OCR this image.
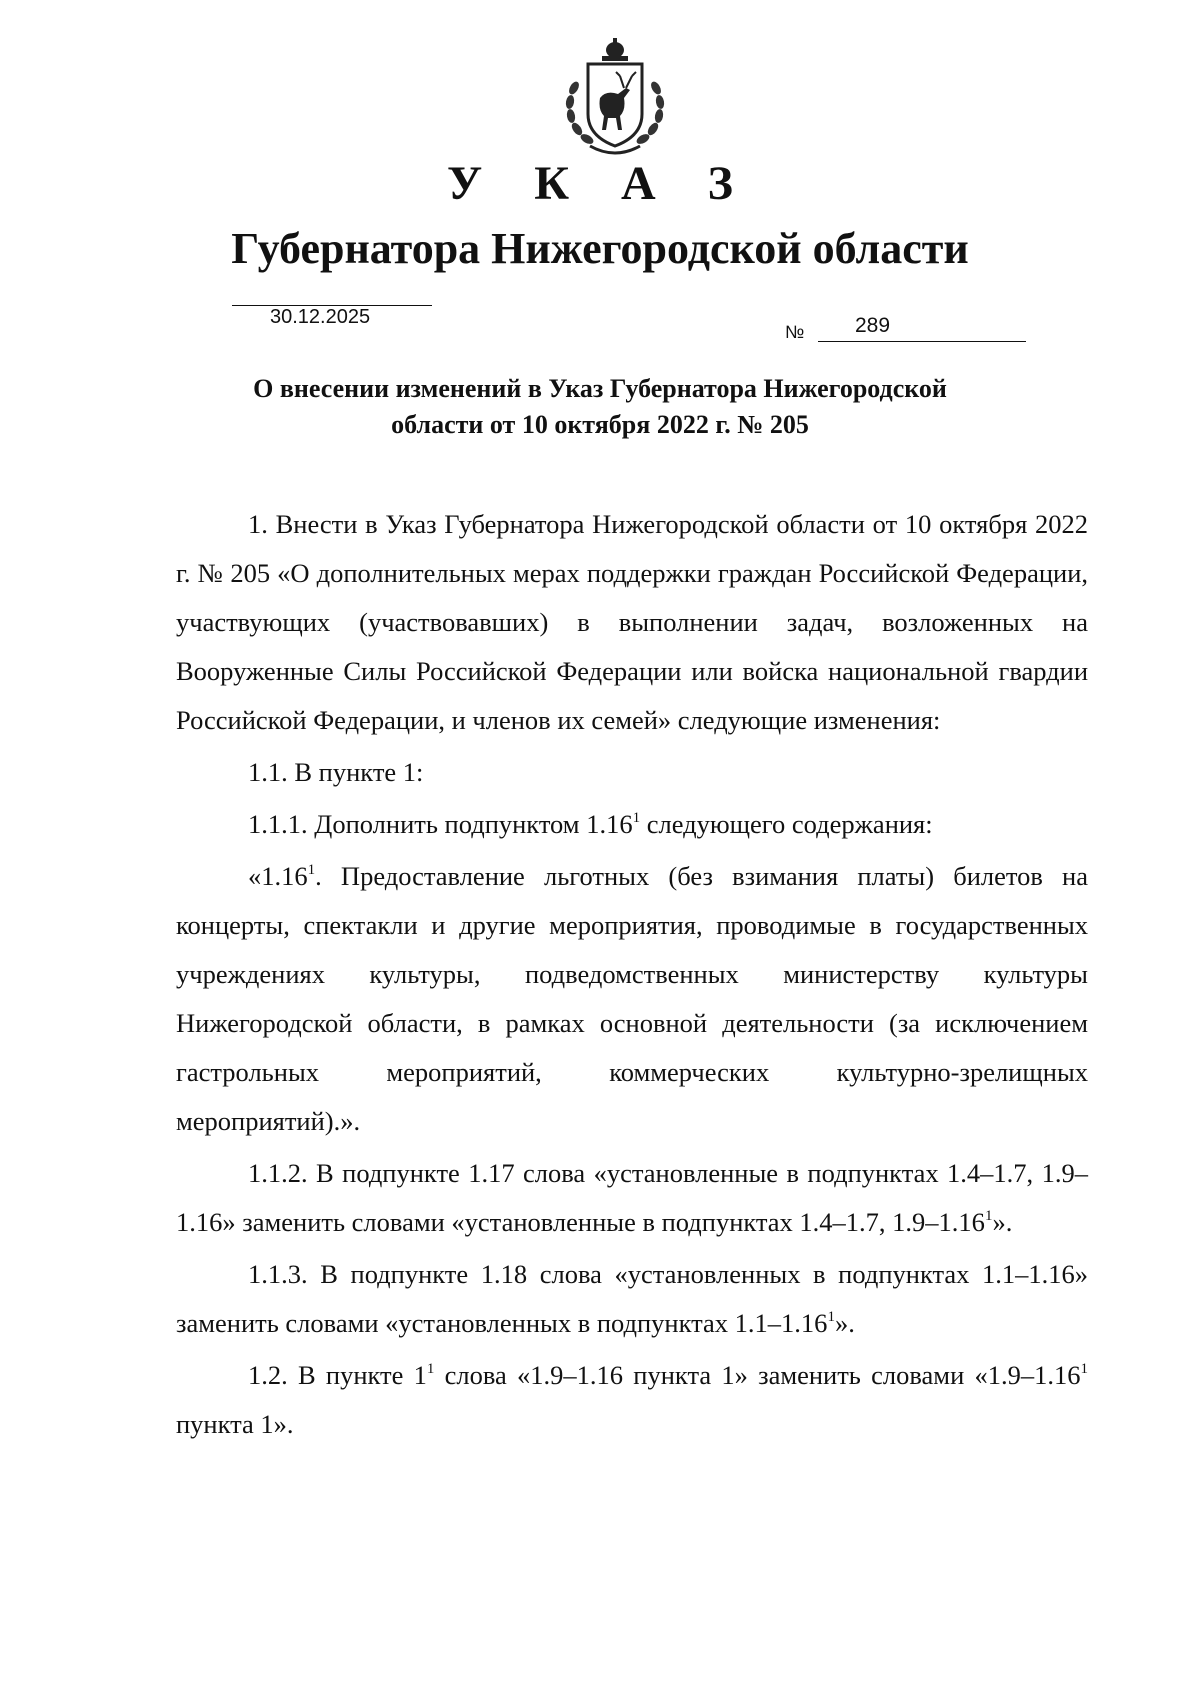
У К А З
Губернатора Нижегородской области
30.12.2025
№ 289
О внесении изменений в Указ Губернатора Нижегородской
области от 10 октября 2022 г. № 205

1. Внести в Указ Губернатора Нижегородской области от 10 октября 2022 г. № 205 «О дополнительных мерах поддержки граждан Российской Федерации, участвующих (участвовавших) в выполнении задач, возложенных на Вооруженные Силы Российской Федерации или войска национальной гвардии Российской Федерации, и членов их семей» следующие изменения:

1.1. В пункте 1:

1.1.1. Дополнить подпунктом 1.16$^1$ следующего содержания:

«1.16$^1$. Предоставление льготных (без взимания платы) билетов на концерты, спектакли и другие мероприятия, проводимые в государственных учреждениях культуры, подведомственных министерству культуры Нижегородской области, в рамках основной деятельности (за исключением гастрольных мероприятий, коммерческих культурно-зрелищных мероприятий).».

1.1.2. В подпункте 1.17 слова «установленные в подпунктах 1.4–1.7, 1.9–1.16» заменить словами «установленные в подпунктах 1.4–1.7, 1.9–1.16$^1$».

1.1.3. В подпункте 1.18 слова «установленных в подпунктах 1.1–1.16» заменить словами «установленных в подпунктах 1.1–1.16$^1$».

1.2. В пункте $1^1$ слова «1.9–1.16 пункта 1» заменить словами «1.9–1.16$^1$ пункта 1».
